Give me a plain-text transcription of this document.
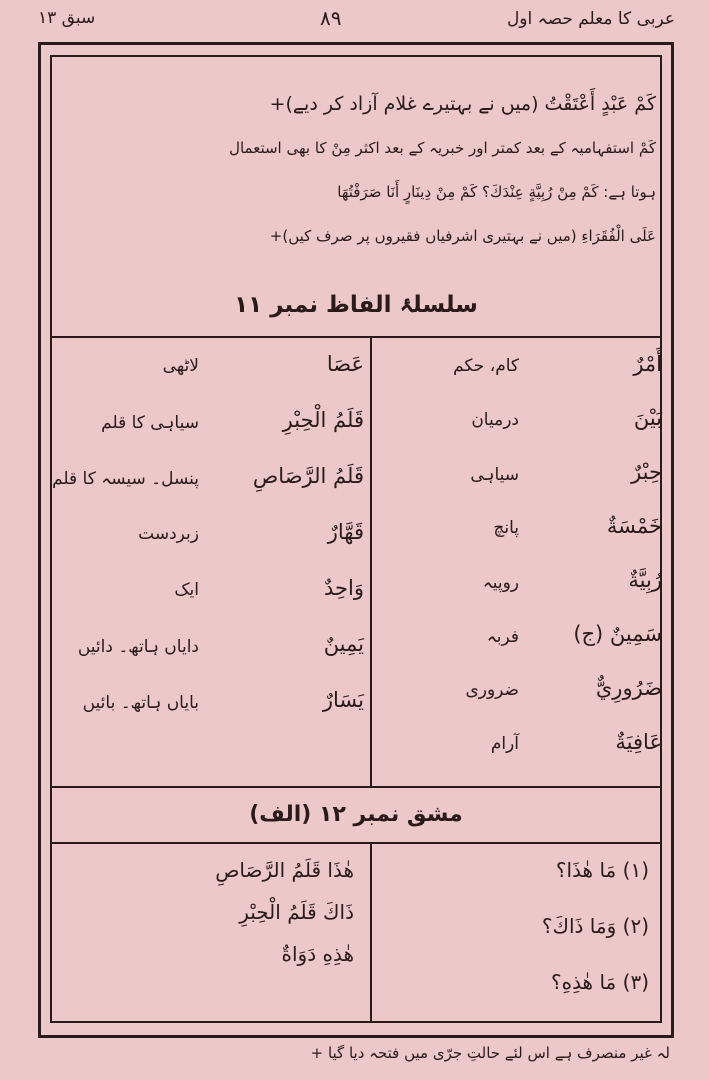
سبق ۱۳	۸۹	عربی کا معلم حصہ اول
كَمْ عَبْدٍ أَعْتَقْتُ (میں نے بہتیرے غلام آزاد کر دیے)+
کَمْ استفہامیہ کے بعد کمتر اور خبریہ کے بعد اکثر مِنْ کا بھی استعمال
ہوتا ہے: كَمْ مِنْ رُبِيَّةٍ عِنْدَكَ؟ كَمْ مِنْ دِينَارٍ أَنَا صَرَفْتُهَا
عَلَى الْفُقَرَاءِ (میں نے بہتیری اشرفیاں فقیروں پر صرف کیں)+
سلسلۂ الفاظ نمبر ۱۱
أَمْرٌ
کام، حکم
بَيْنَ
درمیان
حِبْرٌ
سیاہی
خَمْسَةٌ
پانچ
رُبِيَّةٌ
روپیہ
سَمِينٌ (ج)
فربہ
ضَرُورِيٌّ
ضروری
عَافِيَةٌ
آرام
عَصَا
لاٹھی
قَلَمُ الْحِبْرِ
سیاہی کا قلم
قَلَمُ الرَّصَاصِ
پنسل۔ سیسہ کا قلم
قَهَّارٌ
زبردست
وَاحِدٌ
ایک
يَمِينٌ
دایاں ہاتھ۔ دائیں
يَسَارٌ
بایاں ہاتھ۔ بائیں
مشق نمبر ۱۲ (الف)
(۱) مَا هٰذَا؟
(۲) وَمَا ذَاكَ؟
(۳) مَا هٰذِهِ؟
هٰذَا قَلَمُ الرَّصَاصِ
ذَاكَ قَلَمُ الْحِبْرِ
هٰذِهِ دَوَاةٌ
لہ غیر منصرف ہے اس لئے حالتِ جرّی میں فتحہ دیا گیا +
